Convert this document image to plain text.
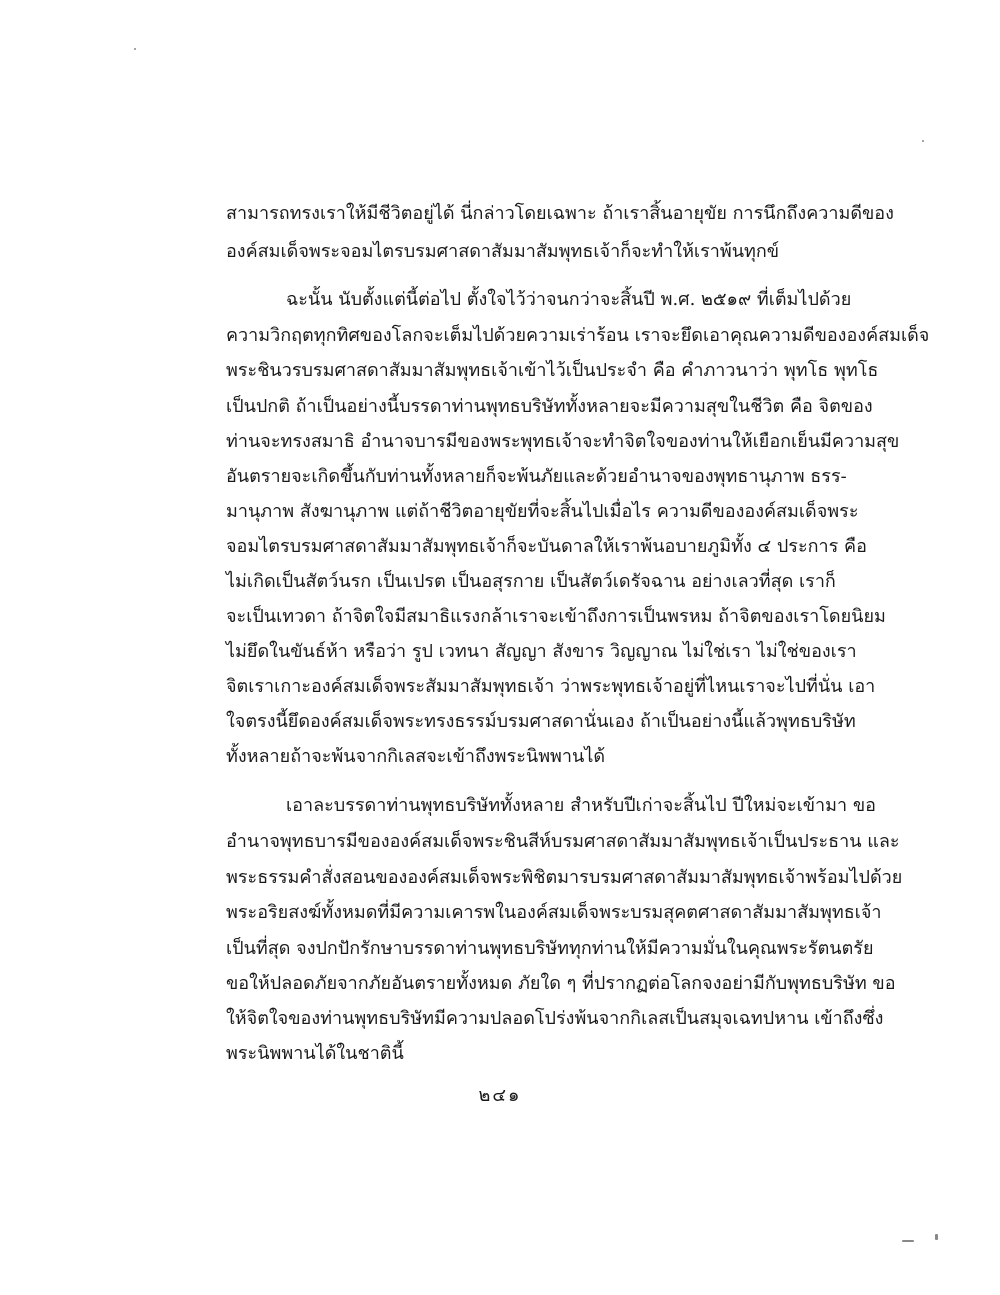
สามารถทรงเราให้มีชีวิตอยู่ได้ นี่กล่าวโดยเฉพาะ ถ้าเราสิ้นอายุขัย การนึกถึงความดีของ
องค์สมเด็จพระจอมไตรบรมศาสดาสัมมาสัมพุทธเจ้าก็จะทำให้เราพ้นทุกข์
ฉะนั้น นับตั้งแต่นี้ต่อไป ตั้งใจไว้ว่าจนกว่าจะสิ้นปี พ.ศ. ๒๕๑๙ ที่เต็มไปด้วย
ความวิกฤตทุกทิศของโลกจะเต็มไปด้วยความเร่าร้อน เราจะยึดเอาคุณความดีขององค์สมเด็จ
พระชินวรบรมศาสดาสัมมาสัมพุทธเจ้าเข้าไว้เป็นประจำ คือ คำภาวนาว่า พุทโธ พุทโธ
เป็นปกติ ถ้าเป็นอย่างนี้บรรดาท่านพุทธบริษัททั้งหลายจะมีความสุขในชีวิต คือ จิตของ
ท่านจะทรงสมาธิ อำนาจบารมีของพระพุทธเจ้าจะทำจิตใจของท่านให้เยือกเย็นมีความสุข
อันตรายจะเกิดขึ้นกับท่านทั้งหลายก็จะพ้นภัยและด้วยอำนาจของพุทธานุภาพ ธรร-
มานุภาพ สังฆานุภาพ แต่ถ้าชีวิตอายุขัยที่จะสิ้นไปเมื่อไร ความดีขององค์สมเด็จพระ
จอมไตรบรมศาสดาสัมมาสัมพุทธเจ้าก็จะบันดาลให้เราพ้นอบายภูมิทั้ง ๔ ประการ คือ
ไม่เกิดเป็นสัตว์นรก เป็นเปรต เป็นอสุรกาย เป็นสัตว์เดรัจฉาน อย่างเลวที่สุด เราก็
จะเป็นเทวดา ถ้าจิตใจมีสมาธิแรงกล้าเราจะเข้าถึงการเป็นพรหม ถ้าจิตของเราโดยนิยม
ไม่ยึดในขันธ์ห้า หรือว่า รูป เวทนา สัญญา สังขาร วิญญาณ ไม่ใช่เรา ไม่ใช่ของเรา
จิตเราเกาะองค์สมเด็จพระสัมมาสัมพุทธเจ้า ว่าพระพุทธเจ้าอยู่ที่ไหนเราจะไปที่นั่น เอา
ใจตรงนี้ยึดองค์สมเด็จพระทรงธรรม์บรมศาสดานั่นเอง ถ้าเป็นอย่างนี้แล้วพุทธบริษัท
ทั้งหลายถ้าจะพ้นจากกิเลสจะเข้าถึงพระนิพพานได้
เอาละบรรดาท่านพุทธบริษัททั้งหลาย สำหรับปีเก่าจะสิ้นไป ปีใหม่จะเข้ามา ขอ
อำนาจพุทธบารมีขององค์สมเด็จพระชินสีห์บรมศาสดาสัมมาสัมพุทธเจ้าเป็นประธาน และ
พระธรรมคำสั่งสอนขององค์สมเด็จพระพิชิตมารบรมศาสดาสัมมาสัมพุทธเจ้าพร้อมไปด้วย
พระอริยสงฆ์ทั้งหมดที่มีความเคารพในองค์สมเด็จพระบรมสุคตศาสดาสัมมาสัมพุทธเจ้า
เป็นที่สุด จงปกปักรักษาบรรดาท่านพุทธบริษัททุกท่านให้มีความมั่นในคุณพระรัตนตรัย
ขอให้ปลอดภัยจากภัยอันตรายทั้งหมด ภัยใด ๆ ที่ปรากฏต่อโลกจงอย่ามีกับพุทธบริษัท ขอ
ให้จิตใจของท่านพุทธบริษัทมีความปลอดโปร่งพ้นจากกิเลสเป็นสมุจเฉทปหาน เข้าถึงซึ่ง
พระนิพพานได้ในชาตินี้
๒๔๑
